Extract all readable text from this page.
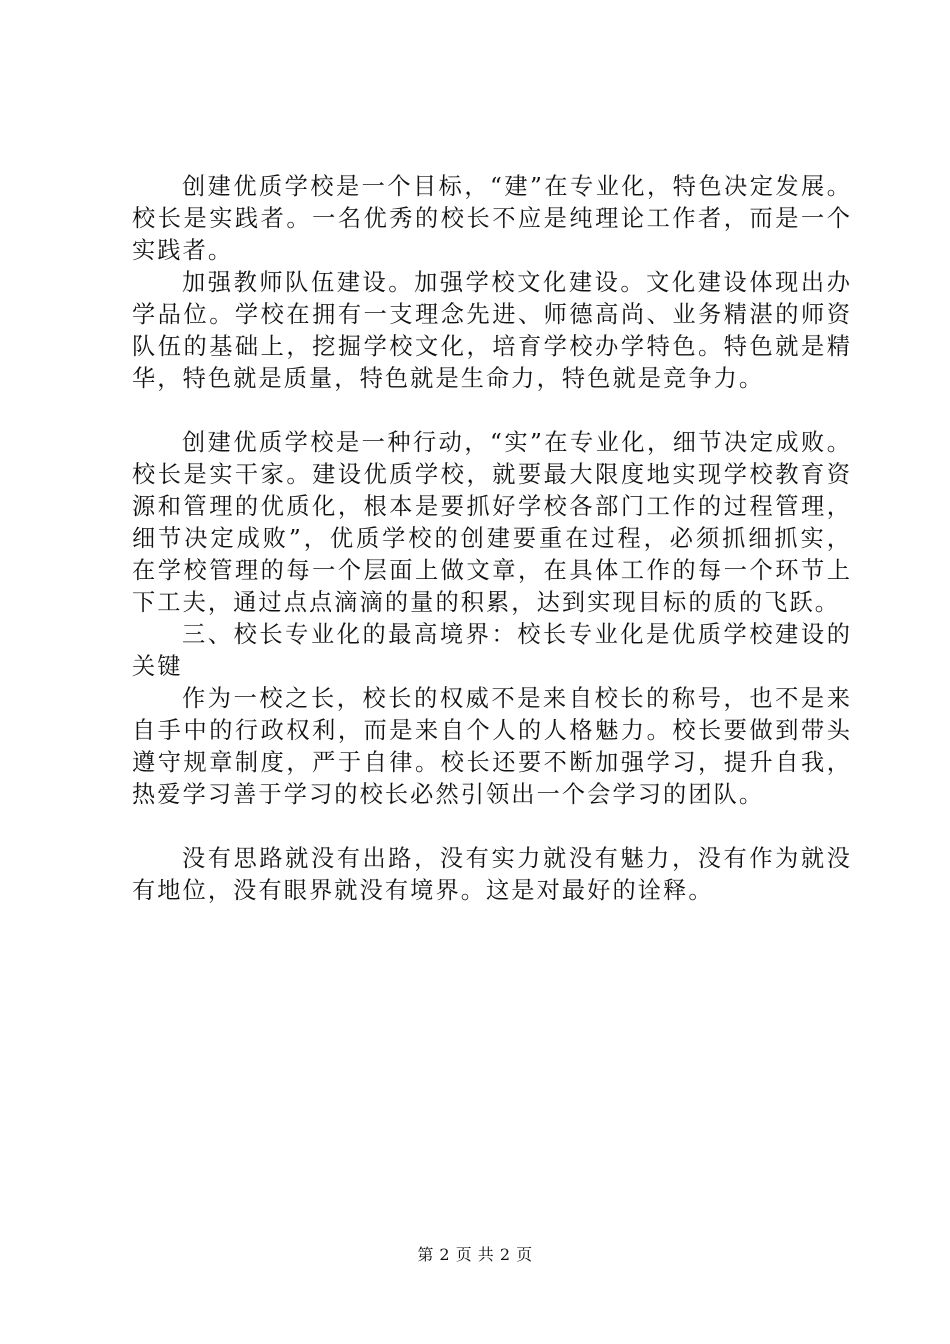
创建优质学校是一个目标，“建”在专业化，特色决定发展。校长是实践者。一名优秀的校长不应是纯理论工作者，而是一个实践者。

加强教师队伍建设。加强学校文化建设。文化建设体现出办学品位。学校在拥有一支理念先进、师德高尚、业务精湛的师资队伍的基础上，挖掘学校文化，培育学校办学特色。特色就是精华，特色就是质量，特色就是生命力，特色就是竞争力。

创建优质学校是一种行动，“实”在专业化，细节决定成败。校长是实干家。建设优质学校，就要最大限度地实现学校教育资源和管理的优质化，根本是要抓好学校各部门工作的过程管理，细节决定成败”，优质学校的创建要重在过程，必须抓细抓实，在学校管理的每一个层面上做文章，在具体工作的每一个环节上下工夫，通过点点滴滴的量的积累，达到实现目标的质的飞跃。

三、校长专业化的最高境界：校长专业化是优质学校建设的关键

作为一校之长，校长的权威不是来自校长的称号，也不是来自手中的行政权利，而是来自个人的人格魅力。校长要做到带头遵守规章制度，严于自律。校长还要不断加强学习，提升自我，热爱学习善于学习的校长必然引领出一个会学习的团队。

没有思路就没有出路，没有实力就没有魅力，没有作为就没有地位，没有眼界就没有境界。这是对最好的诠释。

第 2 页 共 2 页
